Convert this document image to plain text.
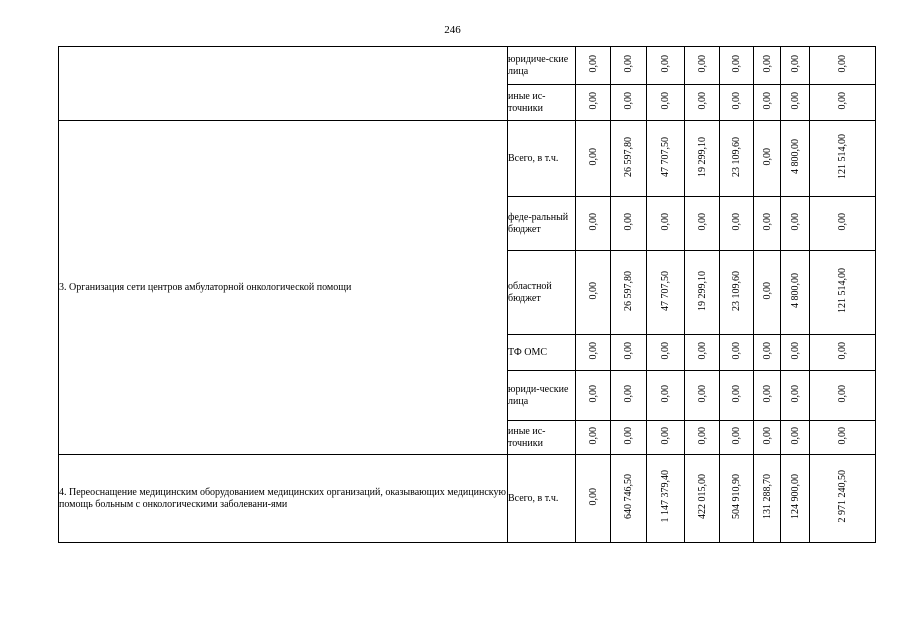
246
	юридиче-ские лица	0,00	0,00	0,00	0,00	0,00	0,00	0,00	0,00
	иные ис-точники	0,00	0,00	0,00	0,00	0,00	0,00	0,00	0,00
3. Организация сети центров амбулаторной онкологической помощи	Всего, в т.ч.	0,00	26 597,80	47 707,50	19 299,10	23 109,60	0,00	4 800,00	121 514,00
	феде-ральный бюджет	0,00	0,00	0,00	0,00	0,00	0,00	0,00	0,00
	областной бюджет	0,00	26 597,80	47 707,50	19 299,10	23 109,60	0,00	4 800,00	121 514,00
	ТФ ОМС	0,00	0,00	0,00	0,00	0,00	0,00	0,00	0,00
	юриди-ческие лица	0,00	0,00	0,00	0,00	0,00	0,00	0,00	0,00
	иные ис-точники	0,00	0,00	0,00	0,00	0,00	0,00	0,00	0,00
4. Переоснащение медицинским оборудованием медицинских организаций, оказывающих медицинскую помощь больным с онкологическими заболевани-ями	Всего, в т.ч.	0,00	640 746,50	1 147 379,40	422 015,00	504 910,90	131 288,70	124 900,00	2 971 240,50
